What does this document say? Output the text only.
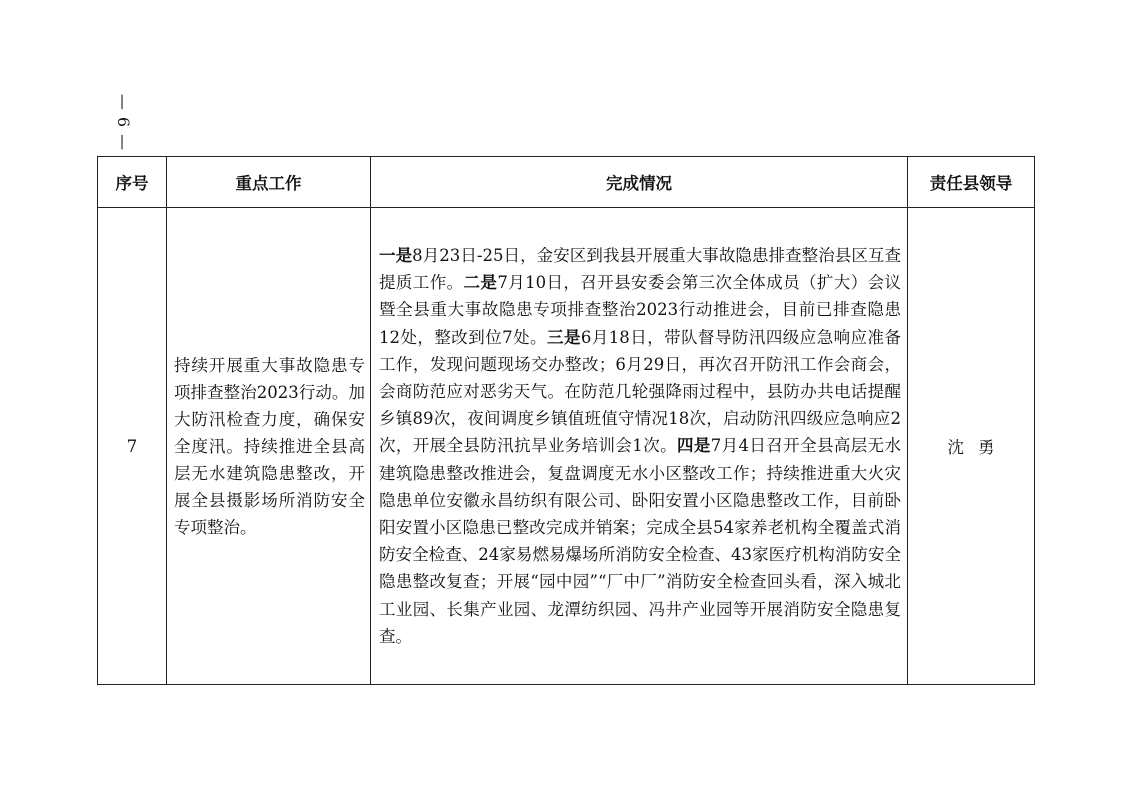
— 6 —
序号	重点工作	完成情况	责任县领导
7	持续开展重大事故隐患专项排查整治2023行动。加大防汛检查力度，确保安全度汛。持续推进全县高层无水建筑隐患整改，开展全县摄影场所消防安全专项整治。	一是8月23日-25日，金安区到我县开展重大事故隐患排查整治县区互查提质工作。二是7月10日，召开县安委会第三次全体成员（扩大）会议暨全县重大事故隐患专项排查整治2023行动推进会，目前已排查隐患12处，整改到位7处。三是6月18日，带队督导防汛四级应急响应准备工作，发现问题现场交办整改；6月29日，再次召开防汛工作会商会，会商防范应对恶劣天气。在防范几轮强降雨过程中，县防办共电话提醒乡镇89次，夜间调度乡镇值班值守情况18次，启动防汛四级应急响应2次，开展全县防汛抗旱业务培训会1次。四是7月4日召开全县高层无水建筑隐患整改推进会，复盘调度无水小区整改工作；持续推进重大火灾隐患单位安徽永昌纺织有限公司、卧阳安置小区隐患整改工作，目前卧阳安置小区隐患已整改完成并销案；完成全县54家养老机构全覆盖式消防安全检查、24家易燃易爆场所消防安全检查、43家医疗机构消防安全隐患整改复查；开展“园中园”“厂中厂”消防安全检查回头看，深入城北工业园、长集产业园、龙潭纺织园、冯井产业园等开展消防安全隐患复查。	沈勇
